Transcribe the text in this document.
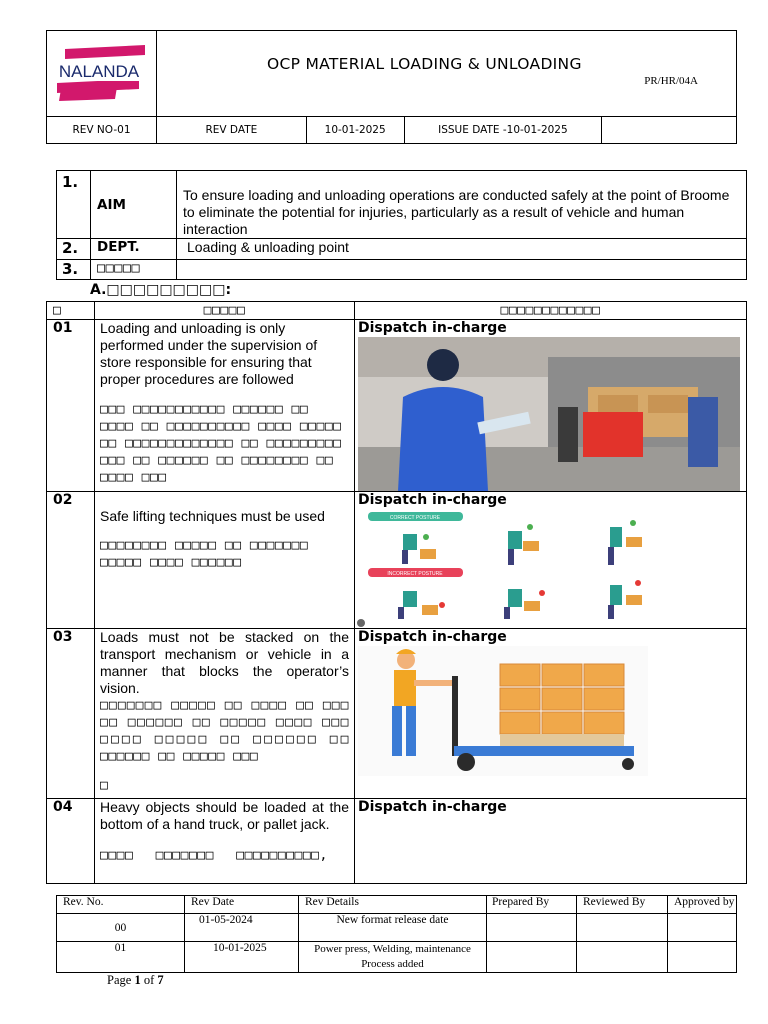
NALANDA	OCP MATERIAL LOADING & UNLOADING
PR/HR/04A			

REV NO-01	REV DATE	10-01-2025	ISSUE DATE -10-01-2025	
1.	AIM	To ensure loading and unloading operations are conducted safely at the point of Broome to eliminate the potential for injuries, particularly as a result of vehicle and human interaction
2.	DEPT.	Loading & unloading point
3.	□□□□□	
A.□□□□□□□□□:
□	□□□□□	□□□□□□□□□□□□
01	Loading and unloading is only performed under the supervision of store responsible for ensuring that proper procedures are followed
□□□ □□□□□□□□□□□ □□□□□□ □□ □□□□ □□ □□□□□□□□□□ □□□□ □□□□□ □□ □□□□□□□□□□□□□ □□ □□□□□□□□□ □□□ □□ □□□□□□ □□ □□□□□□□□ □□ □□□□ □□□	Dispatch in-charge

02	Safe lifting techniques must be used
□□□□□□□□ □□□□□ □□ □□□□□□□ □□□□□ □□□□ □□□□□□	Dispatch in-charge
CORRECT POSTURE
INCORRECT POSTURE

03	Loads must not be stacked on the transport mechanism or vehicle in a manner that blocks the operator’s vision.
□□□□□□□ □□□□□ □□ □□□□ □□ □□□ □□ □□□□□□ □□ □□□□□ □□□□ □□□ □□□□ □□□□□ □□ □□□□□□ □□ □□□□□□ □□ □□□□□ □□□
□	Dispatch in-charge

04	Heavy objects should be loaded at the bottom of a hand truck, or pallet jack.
□□□□ □□□□□□□ □□□□□□□□□□,	Dispatch in-charge
Rev. No.	Rev Date	Rev Details	Prepared By	Reviewed By	Approved by
00	01-05-2024	New format release date			
01	10-01-2025	Power press, Welding, maintenance Process added			
Page 1 of 7
